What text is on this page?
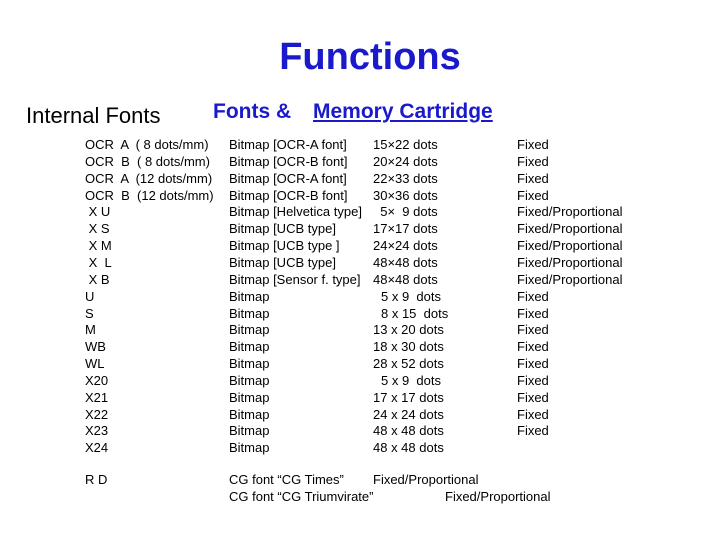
Functions
Internal Fonts Fonts & Memory Cartridge
OCR  A  ( 8 dots/mm) Bitmap [OCR-A font] 15×22 dots	Fixed
OCR  B  ( 8 dots/mm) Bitmap [OCR-B font] 20×24 dots	Fixed
OCR  A  (12 dots/mm) Bitmap [OCR-A font] 22×33 dots	Fixed
OCR  B  (12 dots/mm) Bitmap [OCR-B font] 30×36 dots	Fixed
X U	Bitmap [Helvetica type] 5×  9 dots	Fixed/Proportional
X S	Bitmap [UCB type]	17×17 dots	Fixed/Proportional
X M	Bitmap [UCB type ]	24×24 dots	Fixed/Proportional
X  L	Bitmap [UCB type]	48×48 dots	Fixed/Proportional
X B	Bitmap [Sensor f. type] 48×48 dots	Fixed/Proportional
U	Bitmap	5 x 9  dots	Fixed
S	Bitmap	8 x 15  dots	Fixed
M	Bitmap	13 x 20 dots	Fixed
WB	Bitmap	18 x 30 dots	Fixed
WL	Bitmap	28 x 52 dots	Fixed
X20	Bitmap	5 x 9  dots	Fixed
X21	Bitmap	17 x 17 dots	Fixed
X22	Bitmap	24 x 24 dots	Fixed
X23	Bitmap	48 x 48 dots	Fixed
X24	Bitmap	48 x 48 dots
R D	CG font “CG Times” Fixed/Proportional
CG font “CG Triumvirate”	Fixed/Proportional
